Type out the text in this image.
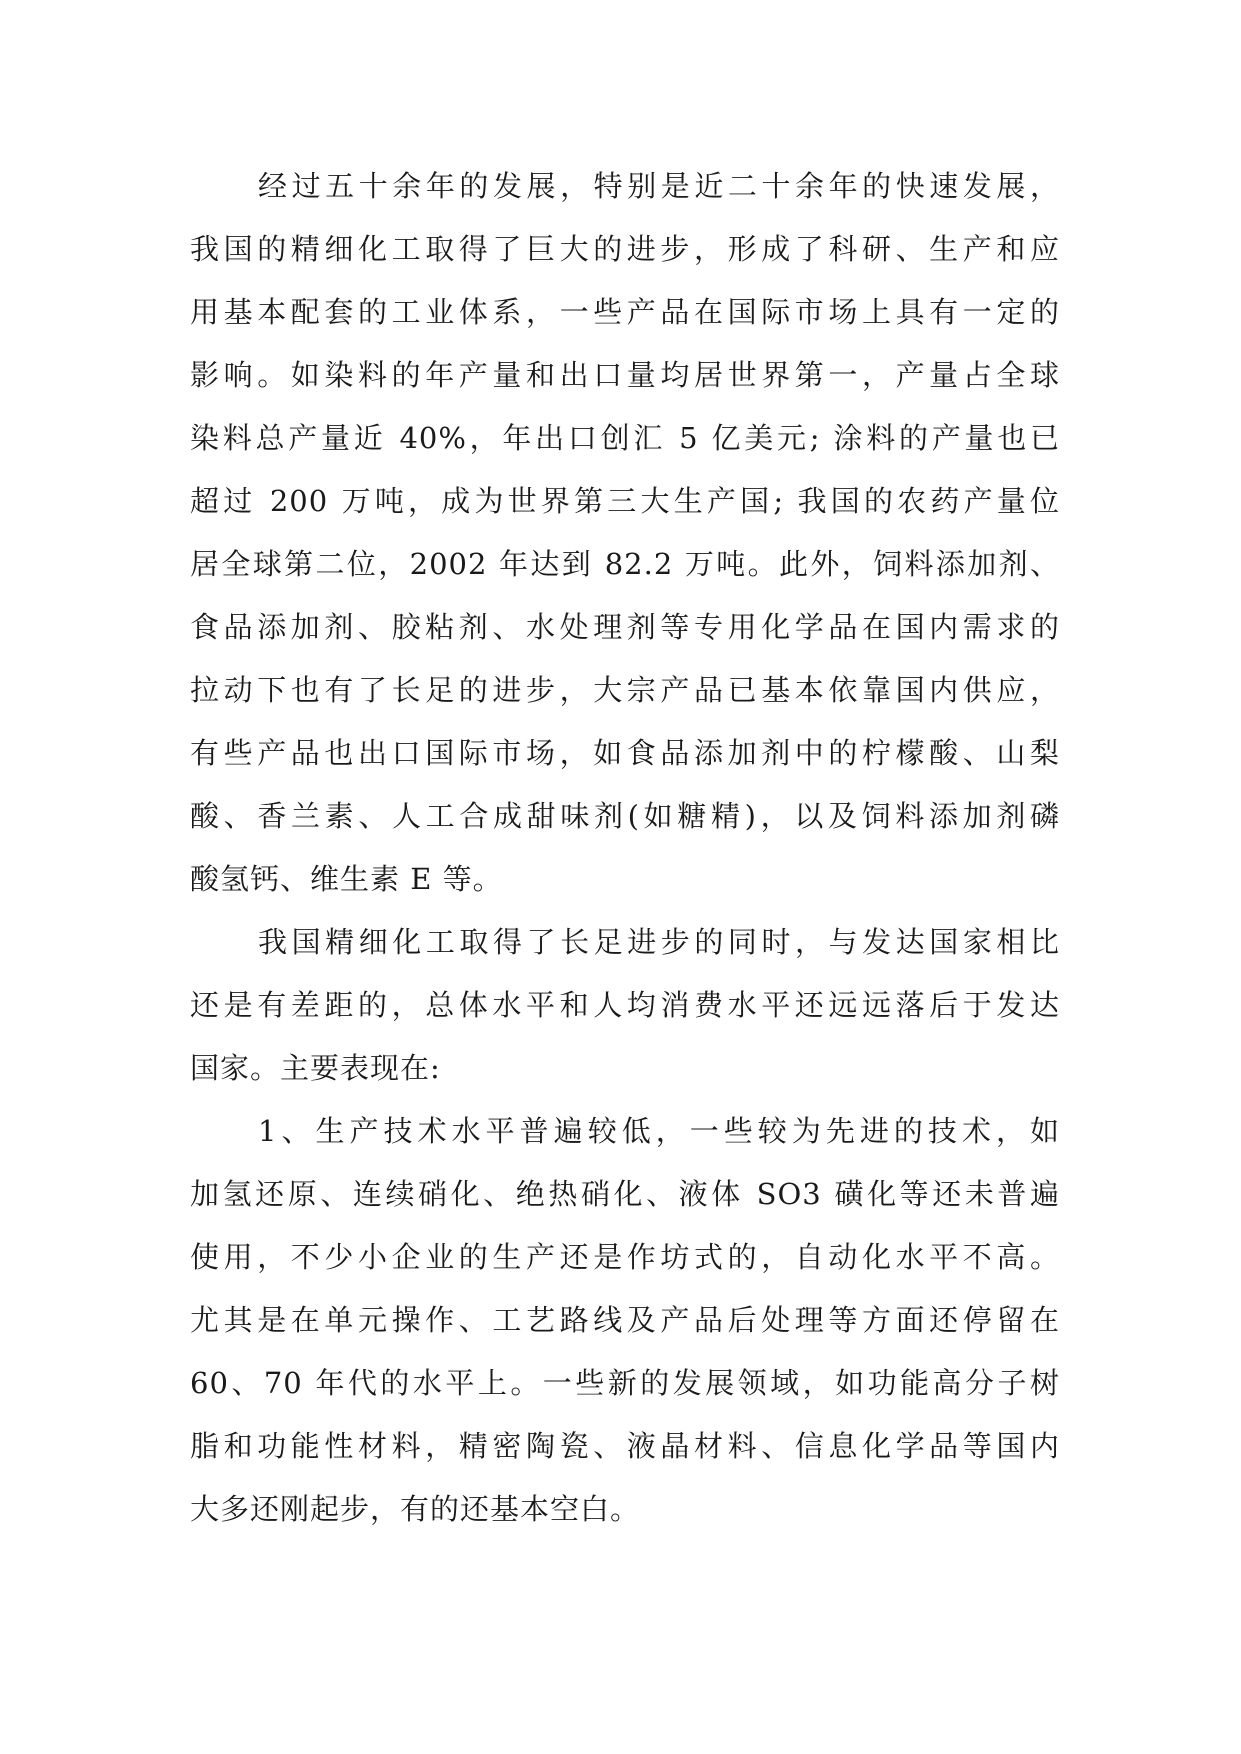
经过五十余年的发展，特别是近二十余年的快速发展，
我国的精细化工取得了巨大的进步，形成了科研、生产和应
用基本配套的工业体系，一些产品在国际市场上具有一定的
影响。如染料的年产量和出口量均居世界第一，产量占全球
染料总产量近 40%，年出口创汇 5 亿美元; 涂料的产量也已
超过 200 万吨，成为世界第三大生产国; 我国的农药产量位
居全球第二位，2002 年达到 82.2 万吨。此外，饲料添加剂、
食品添加剂、胶粘剂、水处理剂等专用化学品在国内需求的
拉动下也有了长足的进步，大宗产品已基本依靠国内供应，
有些产品也出口国际市场，如食品添加剂中的柠檬酸、山梨
酸、香兰素、人工合成甜味剂(如糖精)，以及饲料添加剂磷
酸氢钙、维生素 E 等。
我国精细化工取得了长足进步的同时，与发达国家相比
还是有差距的，总体水平和人均消费水平还远远落后于发达
国家。主要表现在:
1、生产技术水平普遍较低，一些较为先进的技术，如
加氢还原、连续硝化、绝热硝化、液体 SO3 磺化等还未普遍
使用，不少小企业的生产还是作坊式的，自动化水平不高。
尤其是在单元操作、工艺路线及产品后处理等方面还停留在
60、70 年代的水平上。一些新的发展领域，如功能高分子树
脂和功能性材料，精密陶瓷、液晶材料、信息化学品等国内
大多还刚起步，有的还基本空白。
